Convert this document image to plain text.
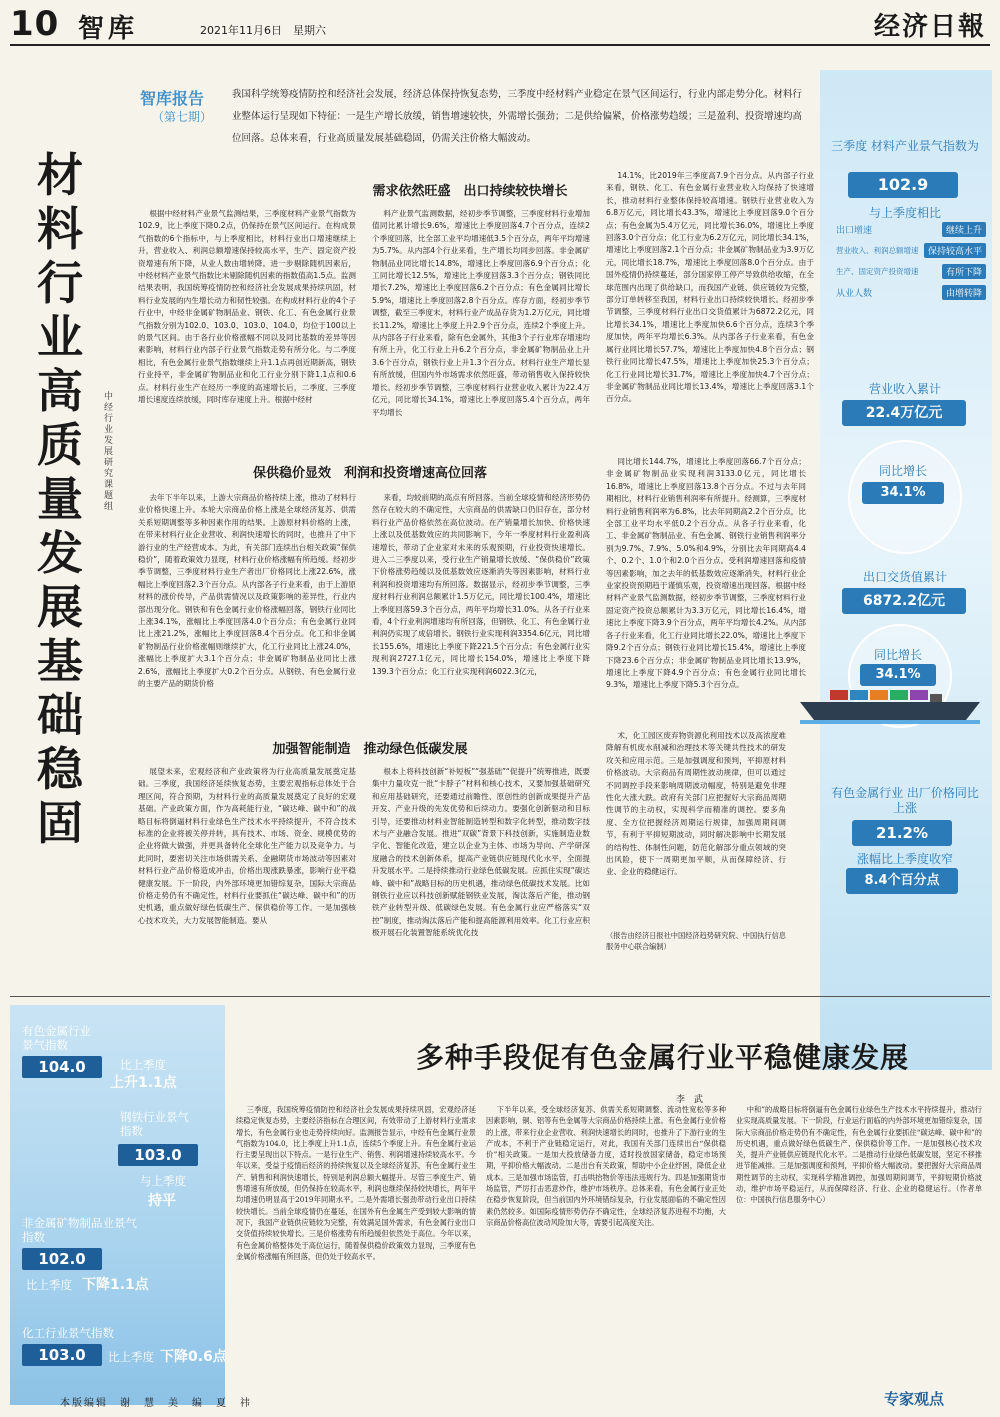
10 智库	2021年11月6日　星期六	经济日報
智库报告
（第七期）
我国科学统筹疫情防控和经济社会发展，经济总体保持恢复态势，三季度中经材料产业稳定在景气区间运行，行业内部走势分化。材料行业整体运行呈现如下特征：一是生产增长放缓，销售增速较快，外需增长强劲；二是供给偏紧，价格涨势趋缓；三是盈利、投资增速均高位回落。总体来看，行业高质量发展基础稳固，仍需关注价格大幅波动。
材料行业高质量发展基础稳固
中经行业发展研究课题组
需求依然旺盛　出口持续较快增长
根据中经材料产业景气监测结果，三季度材料产业景气指数为102.9，比上季度下降0.2点，仍保持在景气区间运行。在构成景气指数的6个指标中，与上季度相比，材料行业出口增速继续上升，营业收入、利润总额增速保持较高水平，生产、固定资产投资增速有所下降，从业人数由增转降。进一步剔除随机因素后，中经材料产业景气指数比未剔除随机因素的指数值高1.5点。监测结果表明，我国统筹疫情防控和经济社会发展成果持续巩固，材料行业发展的内生增长动力和韧性较强。在构成材料行业的4个子行业中，中经非金属矿物制品业、钢铁、化工、有色金属行业景气指数分别为102.0、103.0、103.0、104.0，均位于100以上的景气区间。由于各行业价格涨幅不同以及同比基数的差异等因素影响，材料行业内部子行业景气指数走势有所分化。与二季度相比，有色金属行业景气指数继续上升1.1点再创近期新高，钢铁行业持平，非金属矿物制品业和化工行业分别下降1.1点和0.6点。材料行业生产在经历一季度的高速增长后，二季度、三季度增长速度连续放缓，同时库存速度上升。根据中经材
料产业景气监测数据，经初步季节调整，三季度材料行业增加值同比累计增长9.6%，增速比上季度回落4.7个百分点，连续2个季度回落，比全部工业平均增速低3.5个百分点，两年平均增速为5.7%。从内部4个行业来看，生产增长均同步回落。非金属矿物制品业同比增长14.8%，增速比上季度回落6.9个百分点；化工同比增长12.5%，增速比上季度回落3.3个百分点；钢铁同比增长7.2%，增速比上季度回落6.2个百分点；有色金属同比增长5.9%，增速比上季度回落2.8个百分点。库存方面，经初步季节调整，截至三季度末，材料行业产成品存货为1.2万亿元，同比增长11.2%，增速比上季度上升2.9个百分点，连续2个季度上升。从内部各子行业来看，除有色金属外，其他3个子行业库存增速均有所上升，化工行业上升6.2个百分点，非金属矿物制品业上升3.6个百分点，钢铁行业上升1.3个百分点。材料行业生产增长显有所放缓，但国内外市场需求依然旺盛，带动销售收入保持较快增长。经初步季节调整，三季度材料行业营业收入累计为22.4万亿元，同比增长34.1%，增速比上季度回落5.4个百分点，两年平均增长
14.1%，比2019年三季度高7.9个百分点。从内部子行业来看，钢铁、化工、有色金属行业营业收入均保持了快速增长，推动材料行业整体保持较高增速。钢铁行业营业收入为6.8万亿元，同比增长43.3%，增速比上季度回落9.0个百分点；有色金属为5.4万亿元，同比增长36.0%，增速比上季度回落3.0个百分点；化工行业为6.2万亿元，同比增长34.1%，增速比上季度回落2.1个百分点；非金属矿物制品业为3.9万亿元，同比增长18.7%，增速比上季度回落8.0个百分点。由于国外疫情仍持续蔓延，部分国家停工停产导致供给收缩，在全球范围内出现了供给缺口，而我国产业链、供应链较为完整，部分订单转移至我国，材料行业出口持续较快增长。经初步季节调整，三季度材料行业出口交货值累计为6872.2亿元，同比增长34.1%，增速比上季度加快6.6个百分点，连续3个季度加快，两年平均增长6.3%。从内部各子行业来看，有色金属行业同比增长57.7%，增速比上季度加快4.8个百分点；钢铁行业同比增长47.5%，增速比上季度加快25.3个百分点；化工行业同比增长31.7%，增速比上季度加快4.7个百分点；非金属矿物制品业同比增长13.4%，增速比上季度回落3.1个百分点。
保供稳价显效　利润和投资增速高位回落
去年下半年以来，上游大宗商品价格持续上涨，推动了材料行业价格快速上升。本轮大宗商品价格上涨是全球经济复苏、供需关系短期调整等多种因素作用的结果。上游原材料价格的上涨，在带来材料行业企业营收、利润快速增长的同时，也推升了中下游行业的生产经营成本。为此，有关部门连续出台相关政策“保供稳价”，随着政策效力显现，材料行业价格涨幅有所趋缓。经初步季节调整，三季度材料行业生产者出厂价格同比上涨22.6%，涨幅比上季度回落2.3个百分点。从内部各子行业来看，由于上游原材料的涨价传导，产品供需情况以及政策影响的差异性，行业内部出现分化。钢铁和有色金属行业价格涨幅回落，钢铁行业同比上涨34.1%，涨幅比上季度回落4.0个百分点；有色金属行业同比上涨21.2%，涨幅比上季度回落8.4个百分点。化工和非金属矿物制品行业价格涨幅则继续扩大，化工行业同比上涨24.0%，涨幅比上季度扩大3.1个百分点；非金属矿物制品业同比上涨2.6%，涨幅比上季度扩大0.2个百分点。从钢铁、有色金属行业的主要产品的期货价格
来看，均较前期的高点有所回落。当前全球疫情和经济形势仍然存在较大的不确定性，大宗商品的供需缺口仍旧存在，部分材料行业产品价格依然在高位波动。在产销量增长加快、价格快速上涨以及低基数效应的共同影响下，今年一季度材料行业盈利高速增长，带动了企业家对未来的乐观预期，行业投资快速增长。进入二三季度以来，受行业生产销量增长放缓、“保供稳价”政策下价格涨势趋缓以及低基数效应逐渐消失等因素影响，材料行业利润和投资增速均有所回落。数据显示，经初步季节调整，三季度材料行业利润总额累计1.5万亿元，同比增长100.4%，增速比上季度回落59.3个百分点，两年平均增长31.0%。从各子行业来看，4个行业利润增速均有所回落，但钢铁、化工、有色金属行业利润仍实现了成倍增长。钢铁行业实现利润3354.6亿元，同比增长155.6%，增速比上季度下降221.5个百分点；有色金属行业实现利润2727.1亿元，同比增长154.0%，增速比上季度下降139.3个百分点；化工行业实现利润6022.3亿元，
同比增长144.7%，增速比上季度回落66.7个百分点；非金属矿物制品业实现利润3133.0亿元，同比增长16.8%，增速比上季度回落13.8个百分点。不过与去年同期相比，材料行业销售利润率有所提升。经测算，三季度材料行业销售利润率为6.8%，比去年同期高2.2个百分点，比全部工业平均水平低0.2个百分点。从各子行业来看，化工、非金属矿物制品业、有色金属、钢铁行业销售利润率分别为9.7%、7.9%、5.0%和4.9%，分别比去年同期高4.4个、0.2个、1.0个和2.0个百分点。受利润增速回落和疫情等因素影响，加之去年的低基数效应逐渐消失，材料行业企业家投资预期趋于谨慎乐观，投资增速出现回落。根据中经材料产业景气监测数据，经初步季节调整，三季度材料行业固定资产投资总额累计为3.3万亿元，同比增长16.4%，增速比上季度下降3.9个百分点，两年平均增长4.2%。从内部各子行业来看，化工行业同比增长22.0%，增速比上季度下降9.2个百分点；钢铁行业同比增长15.4%，增速比上季度下降23.6个百分点；非金属矿物制品业同比增长13.9%，增速比上季度下降4.9个百分点；有色金属行业同比增长9.3%，增速比上季度下降5.3个百分点。
加强智能制造　推动绿色低碳发展
展望未来，宏观经济和产业政策将为行业高质量发展奠定基础。三季度，我国经济延续恢复态势，主要宏观指标总体处于合理区间，符合预期，为材料行业的高质量发展奠定了良好的宏观基础。产业政策方面，作为高耗能行业，“碳达峰、碳中和”的战略目标将倒逼材料行业绿色生产技术水平持续提升，不符合技术标准的企业将被关停并转，具有技术、市场、资金、规模优势的企业将做大做强，并更具备转化全球化生产能力以及竞争力。与此同时，要密切关注市场供需关系、金融期货市场波动等因素对材料行业产品价格造成冲击，价格出现涨跌暴涨，影响行业平稳健康发展。下一阶段，内外部环境更加错综复杂，国际大宗商品价格走势仍有不确定性，材料行业要抓住“碳达峰、碳中和”的历史机遇，重点做好绿色低碳生产、保供稳价等工作。一是加强核心技术攻关，大力发展智能制造。要从
根本上将科技创新“补短板”“强基础”“促提升”统筹推进，既要集中力量攻克一批“卡脖子”材料和核心技术，又要加强基础研究和应用基础研究，还要通过前瞻性、原创性的创新成果提升产品开发、产业升级的先发优势和后续动力。要强化创新驱动和目标引导，还要推动材料业智能制造转型和数字化转型，推动数字技术与产业融合发展。推进“双碳”背景下科技创新，实施制造业数字化、智能化改造，建立以企业为主体、市场为导向、产学研深度融合的技术创新体系，提高产业链供应链现代化水平，全面提升发展水平。二是持续推动行业绿色低碳发展。应抓住实现“碳达峰、碳中和”战略目标的历史机遇，推动绿色低碳技术发展。比如钢铁行业应以科技创新赋能钢铁业发展，淘汰落后产能，推动钢铁产业转型升级、低碳绿色发展。有色金属行业应严格落实“双控”制度，推动淘汰落后产能和提高能源利用效率。化工行业应积极开展石化装置智能系统优化技
术，化工园区废弃物资源化利用技术以及高浓度难降解有机废水削减和治理技术等关键共性技术的研发攻关和应用示范。三是加强调度和预判，平抑原材料价格波动。大宗商品有周期性波动规律，但可以通过不同调控手段来影响周期波动幅度，特别是避免非理性化大涨大跌。政府有关部门应把握好大宗商品周期性调节的主动权，实现科学而精准的调控。要多角度、全方位把握经济周期运行规律，加强周期间调节，有利于平抑短期波动，同时解决影响中长期发展的结构性、体制性问题，防范化解部分重点领域的突出风险，使下一周期更加平顺，从而保障经济、行业、企业的稳健运行。
（报告由经济日报社中国经济趋势研究院、中国执行信息服务中心联合编制）
三季度 材料产业景气指数为
102.9
与上季度相比
出口增速	继续上升
营业收入、利润总额增速	保持较高水平
生产、固定资产投资增速	有所下降
从业人数	由增转降
营业收入累计
22.4万亿元
同比增长
34.1%
出口交货值累计
6872.2亿元
同比增长
34.1%
有色金属行业 出厂价格同比上涨
21.2%
涨幅比上季度收窄
8.4个百分点
有色金属行业景气指数
104.0	比上季度
上升1.1点
钢铁行业景气指数
103.0
与上季度
持平
非金属矿物制品业景气指数
102.0
比上季度 下降1.1点
化工行业景气指数
103.0	比上季度 下降0.6点
多种手段促有色金属行业平稳健康发展
李　武
三季度，我国统筹疫情防控和经济社会发展成果持续巩固，宏观经济延续稳定恢复态势，主要经济指标在合理区间，有效带动了上游材料行业需求增长，有色金属行业也走势持续向好。监测报告显示，中经有色金属行业景气指数为104.0，比上季度上升1.1点，连续5个季度上升。有色金属行业运行主要呈现出以下特点。一是行业生产、销售、利润增速持续较高水平。今年以来，受益于疫情后经济的持续恢复以及全球经济复苏，有色金属行业生产、销售和利润快速增长，特别是利润总额大幅提升。尽管三季度生产、销售增速有所放缓，但仍保持在较高水平，利润也继续保持较快增长，两年平均增速仍明显高于2019年同期水平。二是外需增长强劲带动行业出口持续较快增长。当前全球疫情仍在蔓延，在国外有色金属生产受到较大影响的情况下，我国产业链供应链较为完整，有效满足国外需求，有色金属行业出口交货值持续较快增长。三是价格涨势有所趋缓但依然处于高位。今年以来，有色金属价格整体处于高位运行，随着保供稳价政策效力显现，三季度有色金属价格涨幅有所回落，但仍处于较高水平。
下半年以来，受全球经济复苏、供需关系短期调整、流动性宽松等多种因素影响，铜、铝等有色金属等大宗商品价格持续上涨。有色金属行业价格的上涨，带来行业企业营收、利润快速增长的同时，也推升了下游行业的生产成本，不利于产业链稳定运行，对此，我国有关部门连续出台“保供稳价”相关政策。一是加大投放储备力度，适时投放国家储备，稳定市场预期，平抑价格大幅波动。二是出台有关政策，帮助中小企业纾困，降低企业成本。三是加强市场监管，打击哄抬物价等违法违规行为。四是加强期货市场监管，严厉打击恶意炒作，维护市场秩序。总体来看，有色金属行业正处在稳步恢复阶段，但当前国内外环境错综复杂，行业发展面临的不确定性因素仍然较多。如国际疫情形势仍存不确定性，全球经济复苏进程不均衡，大宗商品价格高位波动风险加大等，需要引起高度关注。
中和”的战略目标将倒逼有色金属行业绿色生产技术水平持续提升，推动行业实现高质量发展。下一阶段，行业运行面临的内外部环境更加错综复杂，国际大宗商品价格走势仍有不确定性，有色金属行业要抓住“碳达峰、碳中和”的历史机遇，重点做好绿色低碳生产、保供稳价等工作。一是加强核心技术攻关，提升产业链供应链现代化水平。二是推动行业绿色低碳发展，坚定不移推进节能减排。三是加强调度和预判，平抑价格大幅波动。要把握好大宗商品周期性调节的主动权，实现科学精准调控，加强周期间调节，平抑短期价格波动，维护市场平稳运行，从而保障经济、行业、企业的稳健运行。（作者单位：中国执行信息服务中心）
本版编辑　谢　慧　美　编　夏　祎	专家观点
